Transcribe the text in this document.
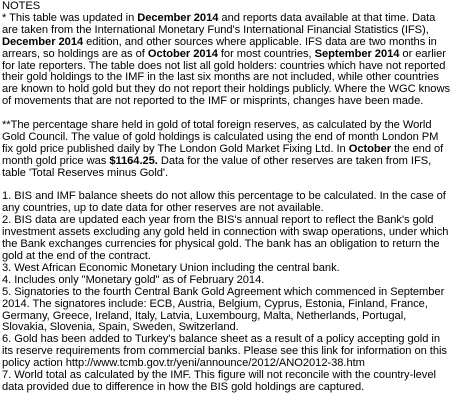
NOTES
* This table was updated in December 2014 and reports data available at that time. Data are taken from the International Monetary Fund's International Financial Statistics (IFS), December 2014 edition, and other sources where applicable. IFS data are two months in arrears, so holdings are as of October 2014 for most countries, September 2014 or earlier for late reporters. The table does not list all gold holders: countries which have not reported their gold holdings to the IMF in the last six months are not included, while other countries are known to hold gold but they do not report their holdings publicly. Where the WGC knows of movements that are not reported to the IMF or misprints, changes have been made.
**The percentage share held in gold of total foreign reserves, as calculated by the World Gold Council. The value of gold holdings is calculated using the end of month London PM fix gold price published daily by The London Gold Market Fixing Ltd. In October the end of month gold price was $1164.25. Data for the value of other reserves are taken from IFS, table 'Total Reserves minus Gold'.
1. BIS and IMF balance sheets do not allow this percentage to be calculated. In the case of any countries, up to date data for other reserves are not available.
2. BIS data are updated each year from the BIS's annual report to reflect the Bank's gold investment assets excluding any gold held in connection with swap operations, under which the Bank exchanges currencies for physical gold. The bank has an obligation to return the gold at the end of the contract.
3. West African Economic Monetary Union including the central bank.
4. Includes only "Monetary gold" as of February 2014.
5. Signatories to the fourth Central Bank Gold Agreement which commenced in September 2014. The signatores include: ECB, Austria, Belgium, Cyprus, Estonia, Finland, France, Germany, Greece, Ireland, Italy, Latvia, Luxembourg, Malta, Netherlands, Portugal, Slovakia, Slovenia, Spain, Sweden, Switzerland.
6. Gold has been added to Turkey's balance sheet as a result of a policy accepting gold in its reserve requirements from commercial banks. Please see this link for information on this policy action http://www.tcmb.gov.tr/yeni/announce/2012/ANO2012-38.htm
7. World total as calculated by the IMF. This figure will not reconcile with the country-level data provided due to difference in how the BIS gold holdings are captured.
